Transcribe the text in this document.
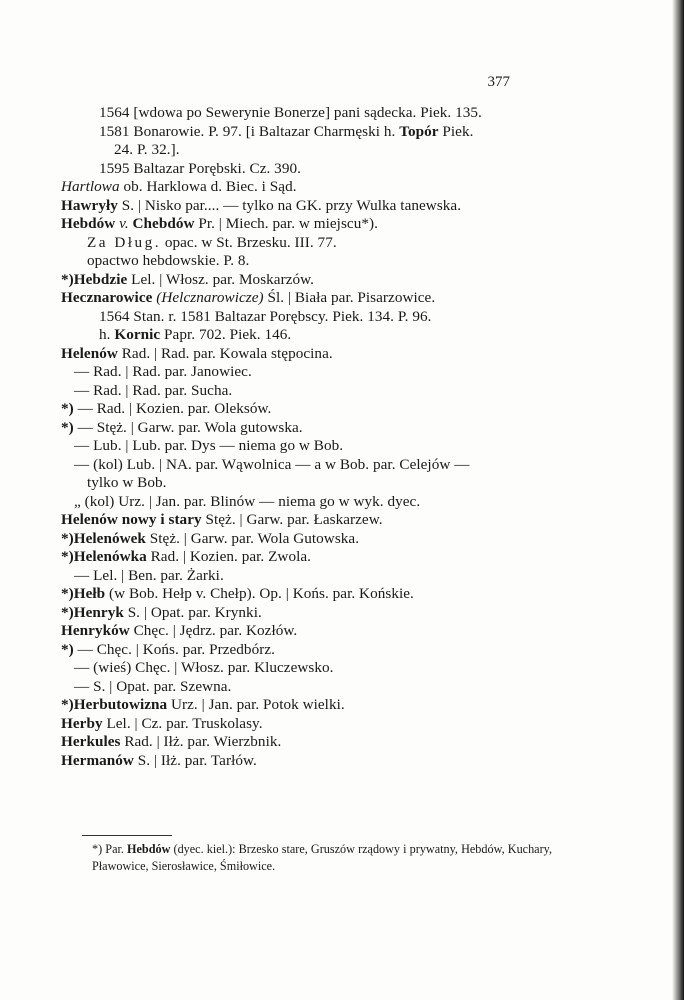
377
1564 [wdowa po Sewerynie Bonerze] pani sądecka. Piek. 135.
1581 Bonarowie. P. 97. [i Baltazar Charmęski h. Topór Piek.
24. P. 32.].
1595 Baltazar Porębski. Cz. 390.
Hartlowa ob. Harklowa d. Biec. i Sąd.
Hawryły S. | Nisko par.... — tylko na GK. przy Wulka tanewska.
Hebdów v. Chebdów Pr. | Miech. par. w miejscu*).
Za Dług. opac. w St. Brzesku. III. 77.
opactwo hebdowskie. P. 8.
*)Hebdzie Lel. | Włosz. par. Moskarzów.
Hecznarowice (Helcznarowicze) Śl. | Biała par. Pisarzowice.
1564 Stan. r. 1581 Baltazar Porębscy. Piek. 134. P. 96.
h. Kornic Papr. 702. Piek. 146.
Helenów Rad. | Rad. par. Kowala stępocina.
— Rad. | Rad. par. Janowiec.
— Rad. | Rad. par. Sucha.
*) — Rad. | Kozien. par. Oleksów.
*) — Stęż. | Garw. par. Wola gutowska.
— Lub. | Lub. par. Dys — niema go w Bob.
— (kol) Lub. | NA. par. Wąwolnica — a w Bob. par. Celejów —
tylko w Bob.
„ (kol) Urz. | Jan. par. Blinów — niema go w wyk. dyec.
Helenów nowy i stary Stęż. | Garw. par. Łaskarzew.
*)Helenówek Stęż. | Garw. par. Wola Gutowska.
*)Helenówka Rad. | Kozien. par. Zwola.
— Lel. | Ben. par. Żarki.
*)Hełb (w Bob. Hełp v. Chełp). Op. | Końs. par. Końskie.
*)Henryk S. | Opat. par. Krynki.
Henryków Chęc. | Jędrz. par. Kozłów.
*) — Chęc. | Końs. par. Przedbórz.
— (wieś) Chęc. | Włosz. par. Kluczewsko.
— S. | Opat. par. Szewna.
*)Herbutowizna Urz. | Jan. par. Potok wielki.
Herby Lel. | Cz. par. Truskolasy.
Herkules Rad. | Iłż. par. Wierzbnik.
Hermanów S. | Iłż. par. Tarłów.
*) Par. Hebdów (dyec. kiel.): Brzesko stare, Gruszów rządowy i prywatny, Hebdów, Kuchary, Pławowice, Sierosławice, Śmiłowice.
